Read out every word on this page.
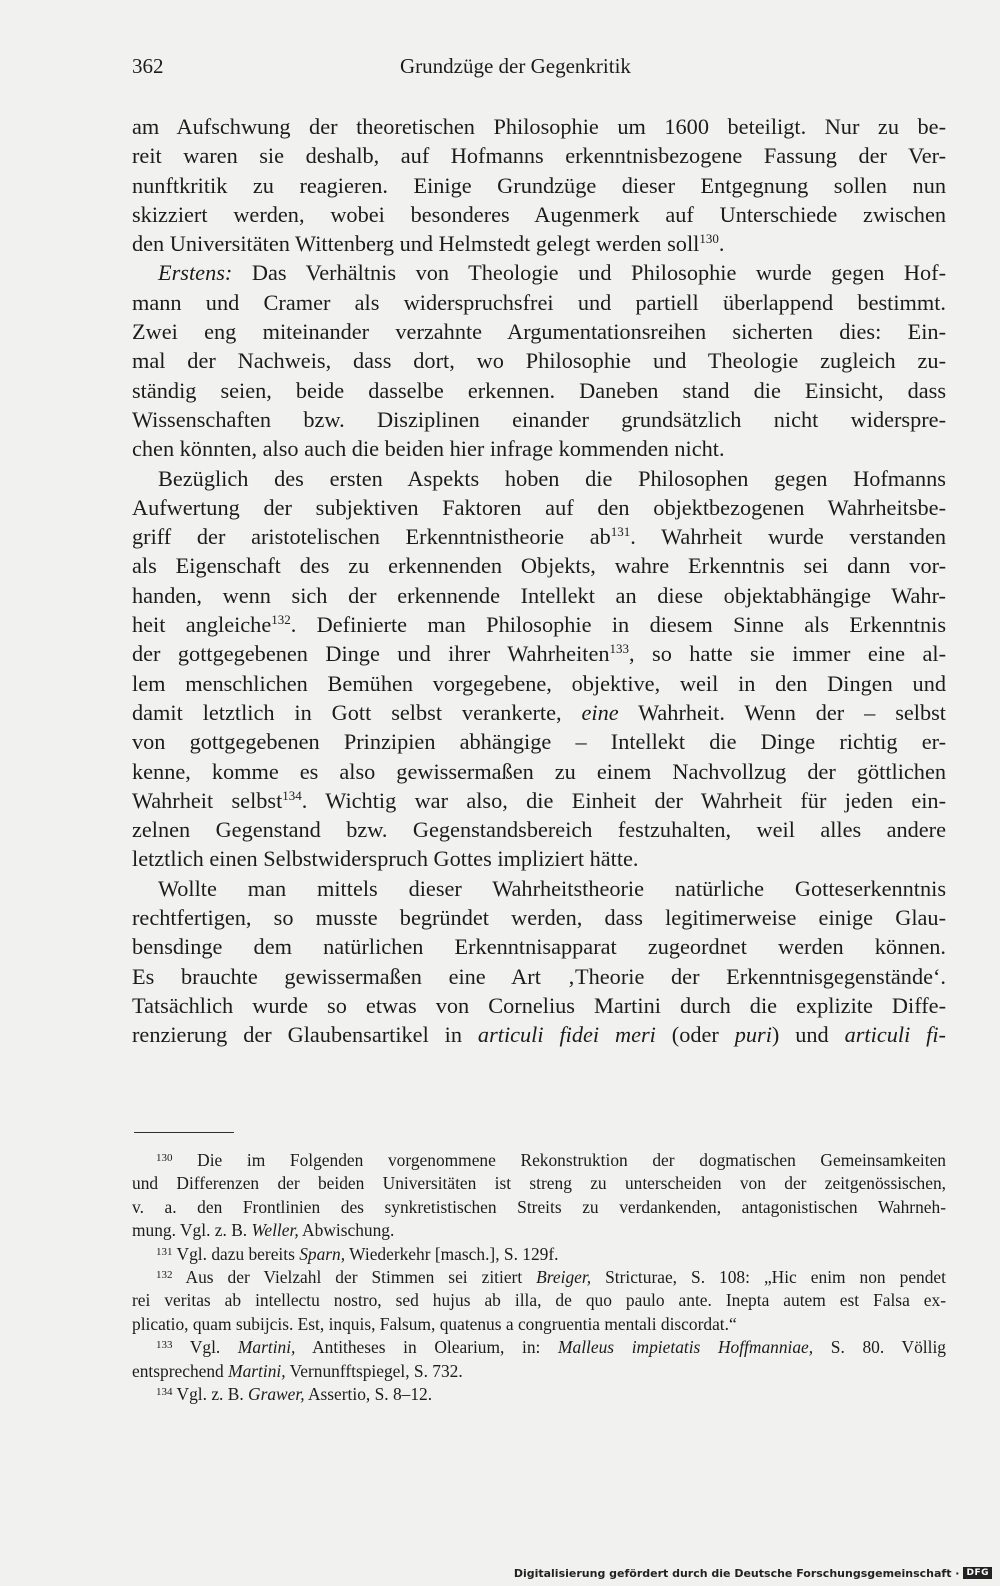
362	Grundzüge der Gegenkritik
am Aufschwung der theoretischen Philosophie um 1600 beteiligt. Nur zu be-
reit waren sie deshalb, auf Hofmanns erkenntnisbezogene Fassung der Ver-
nunftkritik zu reagieren. Einige Grundzüge dieser Entgegnung sollen nun
skizziert werden, wobei besonderes Augenmerk auf Unterschiede zwischen
den Universitäten Wittenberg und Helmstedt gelegt werden soll$^{130}$.
Erstens: Das Verhältnis von Theologie und Philosophie wurde gegen Hof-
mann und Cramer als widerspruchsfrei und partiell überlappend bestimmt.
Zwei eng miteinander verzahnte Argumentationsreihen sicherten dies: Ein-
mal der Nachweis, dass dort, wo Philosophie und Theologie zugleich zu-
ständig seien, beide dasselbe erkennen. Daneben stand die Einsicht, dass
Wissenschaften bzw. Disziplinen einander grundsätzlich nicht widerspre-
chen könnten, also auch die beiden hier infrage kommenden nicht.
Bezüglich des ersten Aspekts hoben die Philosophen gegen Hofmanns
Aufwertung der subjektiven Faktoren auf den objektbezogenen Wahrheitsbe-
griff der aristotelischen Erkenntnistheorie $ab^{131}$. Wahrheit wurde verstanden
als Eigenschaft des zu erkennenden Objekts, wahre Erkenntnis sei dann vor-
handen, wenn sich der erkennende Intellekt an diese objektabhängige Wahr-
heit angleiche$^{132}$. Definierte man Philosophie in diesem Sinne als Erkenntnis
der gottgegebenen Dinge und ihrer Wahrheiten$^{133}$, so hatte sie immer eine al-
lem menschlichen Bemühen vorgegebene, objektive, weil in den Dingen und
damit letztlich in Gott selbst verankerte, eine Wahrheit. Wenn der – selbst
von gottgegebenen Prinzipien abhängige – Intellekt die Dinge richtig er-
kenne, komme es also gewissermaßen zu einem Nachvollzug der göttlichen
Wahrheit selbst$^{134}$. Wichtig war also, die Einheit der Wahrheit für jeden ein-
zelnen Gegenstand bzw. Gegenstandsbereich festzuhalten, weil alles andere
letztlich einen Selbstwiderspruch Gottes impliziert hätte.
Wollte man mittels dieser Wahrheitstheorie natürliche Gotteserkenntnis
rechtfertigen, so musste begründet werden, dass legitimerweise einige Glau-
bensdinge dem natürlichen Erkenntnisapparat zugeordnet werden können.
Es brauchte gewissermaßen eine Art ‚Theorie der Erkenntnisgegenstände‘.
Tatsächlich wurde so etwas von Cornelius Martini durch die explizite Diffe-
renzierung der Glaubensartikel in articuli fidei meri (oder puri) und articuli fi-
$^{130}$ Die im Folgenden vorgenommene Rekonstruktion der dogmatischen Gemeinsamkeiten
und Differenzen der beiden Universitäten ist streng zu unterscheiden von der zeitgenössischen,
v. a. den Frontlinien des synkretistischen Streits zu verdankenden, antagonistischen Wahrneh-
mung. Vgl. z. B. Weller, Abwischung.
$^{131}$ Vgl. dazu bereits Sparn, Wiederkehr [masch.], S. 129f.
$^{132}$ Aus der Vielzahl der Stimmen sei zitiert Breiger, Stricturae, S. 108: „Hic enim non pendet
rei veritas ab intellectu nostro, sed hujus ab illa, de quo paulo ante. Inepta autem est Falsa ex-
plicatio, quam subijcis. Est, inquis, Falsum, quatenus a congruentia mentali discordat.“
$^{133}$ Vgl. Martini, Antitheses in Olearium, in: Malleus impietatis Hoffmanniae, S. 80. Völlig
entsprechend Martini, Vernunfftspiegel, S. 732.
$^{134}$ Vgl. z. B. Grawer, Assertio, S. 8–12.
Digitalisierung gefördert durch die Deutsche Forschungsgemeinschaft · DFG
